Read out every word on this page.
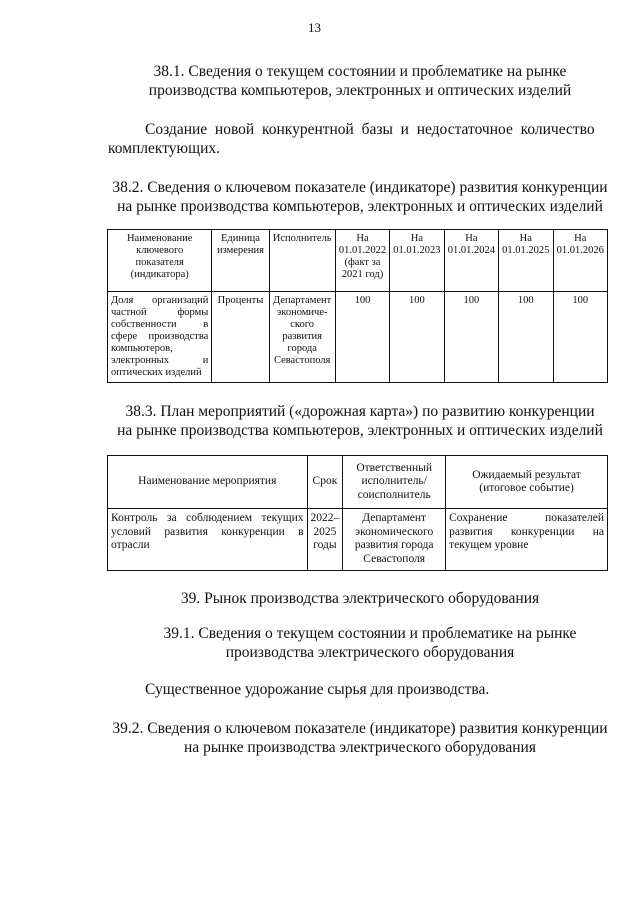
13
38.1. Сведения о текущем состоянии и проблематике на рынке
производства компьютеров, электронных и оптических изделий
Создание  новой  конкурентной  базы  и  недостаточное  количество
комплектующих.
38.2. Сведения о ключевом показателе (индикаторе) развития конкуренции
на рынке производства компьютеров, электронных и оптических изделий
Наименование ключевого показателя (индикатора)	Единица измерения	Исполнитель	На 01.01.2022 (факт за 2021 год)	На 01.01.2023	На 01.01.2024	На 01.01.2025	На 01.01.2026
Доля организаций частной формы собственности в сфере производства компьютеров, электронных и оптических изделий	Проценты	Департамент экономиче-ского развития города Севастополя	100	100	100	100	100
38.3. План мероприятий («дорожная карта») по развитию конкуренции
на рынке производства компьютеров, электронных и оптических изделий
Наименование мероприятия	Срок	Ответственный исполнитель/ соисполнитель	Ожидаемый результат (итоговое событие)
Контроль за соблюдением текущих условий развития конкуренции в отрасли	2022– 2025 годы	Департамент экономического развития города Севастополя	Сохранение показателей развития конкуренции на текущем уровне
39. Рынок производства электрического оборудования
39.1. Сведения о текущем состоянии и проблематике на рынке
производства электрического оборудования
Существенное удорожание сырья для производства.
39.2. Сведения о ключевом показателе (индикаторе) развития конкуренции
на рынке производства электрического оборудования
